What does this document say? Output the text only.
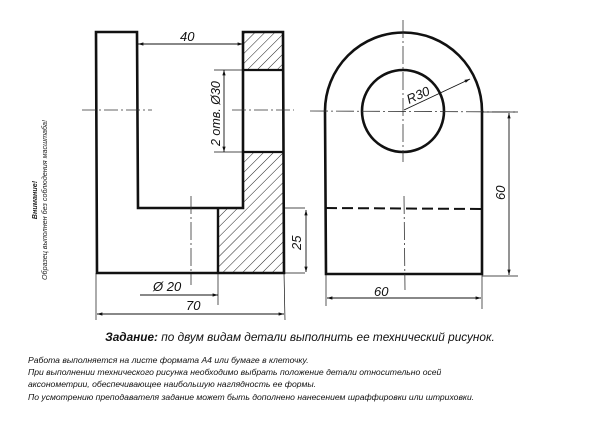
40
2 отв. Ø30
25
Ø 20
70
R30
60
60
Внимание! Образец выполнен без соблюдения масштаба!
Задание: по двум видам детали выполнить ее технический рисунок.
Работа выполняется на листе формата А4 или бумаге в клеточку.
При выполнении технического рисунка необходимо выбрать положение детали относительно осей
аксонометрии, обеспечивающее наибольшую наглядность ее формы.
По усмотрению преподавателя задание может быть дополнено нанесением шраффировки или штриховки.
